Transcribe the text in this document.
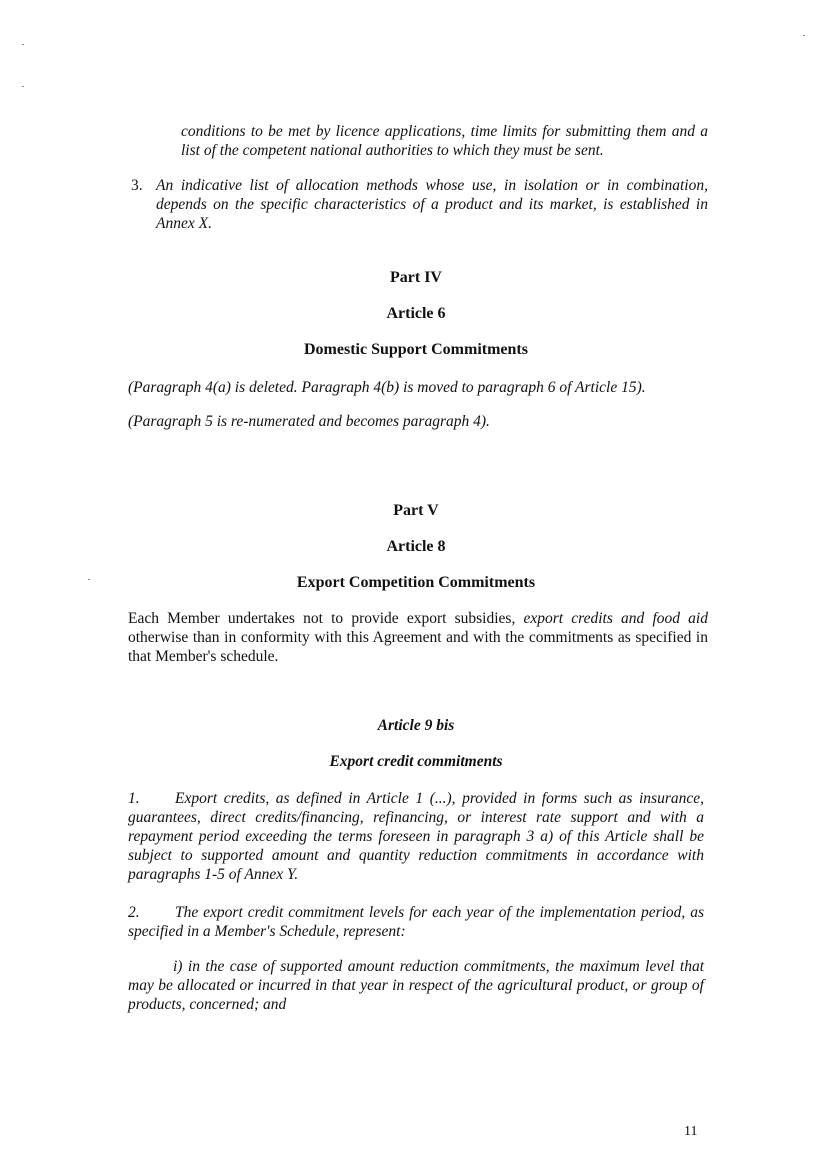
conditions to be met by licence applications, time limits for submitting them and a list of the competent national authorities to which they must be sent.
3. An indicative list of allocation methods whose use, in isolation or in combination, depends on the specific characteristics of a product and its market, is established in Annex X.
Part IV
Article 6
Domestic Support Commitments
(Paragraph 4(a) is deleted. Paragraph 4(b) is moved to paragraph 6 of Article 15).
(Paragraph 5 is re-numerated and becomes paragraph 4).
Part V
Article 8
Export Competition Commitments
Each Member undertakes not to provide export subsidies, export credits and food aid otherwise than in conformity with this Agreement and with the commitments as specified in that Member's schedule.
Article 9 bis
Export credit commitments
1. Export credits, as defined in Article 1 (...), provided in forms such as insurance, guarantees, direct credits/financing, refinancing, or interest rate support and with a repayment period exceeding the terms foreseen in paragraph 3 a) of this Article shall be subject to supported amount and quantity reduction commitments in accordance with paragraphs 1-5 of Annex Y.
2. The export credit commitment levels for each year of the implementation period, as specified in a Member's Schedule, represent:
i) in the case of supported amount reduction commitments, the maximum level that may be allocated or incurred in that year in respect of the agricultural product, or group of products, concerned; and
11
